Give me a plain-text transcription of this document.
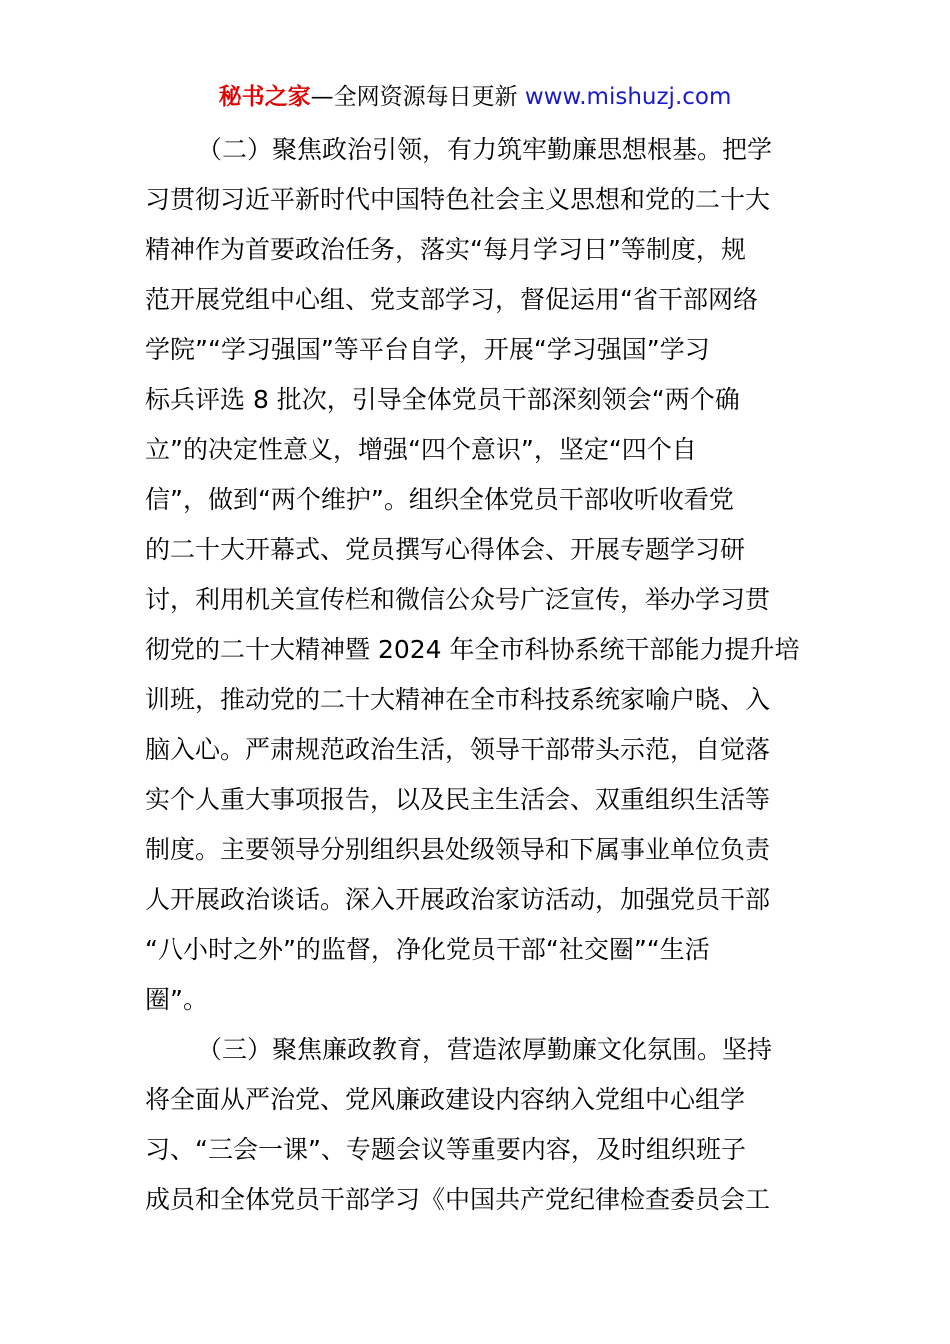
秘书之家—全网资源每日更新 www.mishuzj.com
（二）聚焦政治引领，有力筑牢勤廉思想根基。把学
习贯彻习近平新时代中国特色社会主义思想和党的二十大
精神作为首要政治任务，落实“每月学习日”等制度，规
范开展党组中心组、党支部学习，督促运用“省干部网络
学院”“学习强国”等平台自学，开展“学习强国”学习
标兵评选 8 批次，引导全体党员干部深刻领会“两个确
立”的决定性意义，增强“四个意识”，坚定“四个自
信”，做到“两个维护”。组织全体党员干部收听收看党
的二十大开幕式、党员撰写心得体会、开展专题学习研
讨，利用机关宣传栏和微信公众号广泛宣传，举办学习贯
彻党的二十大精神暨 2024 年全市科协系统干部能力提升培
训班，推动党的二十大精神在全市科技系统家喻户晓、入
脑入心。严肃规范政治生活，领导干部带头示范，自觉落
实个人重大事项报告，以及民主生活会、双重组织生活等
制度。主要领导分别组织县处级领导和下属事业单位负责
人开展政治谈话。深入开展政治家访活动，加强党员干部
“八小时之外”的监督，净化党员干部“社交圈”“生活
圈”。
（三）聚焦廉政教育，营造浓厚勤廉文化氛围。坚持
将全面从严治党、党风廉政建设内容纳入党组中心组学
习、“三会一课”、专题会议等重要内容，及时组织班子
成员和全体党员干部学习《中国共产党纪律检查委员会工
